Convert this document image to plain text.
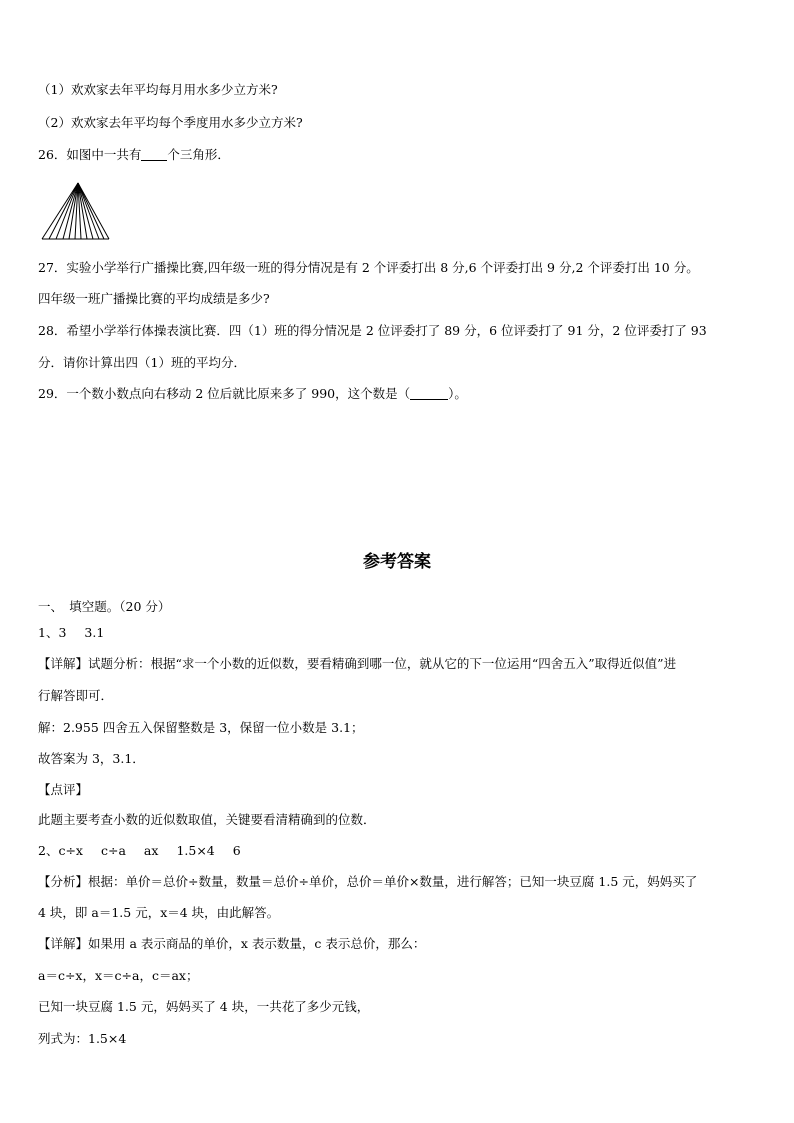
（1）欢欢家去年平均每月用水多少立方米?
（2）欢欢家去年平均每个季度用水多少立方米?
26．如图中一共有 个三角形．
27．实验小学举行广播操比赛,四年级一班的得分情况是有 2 个评委打出 8 分,6 个评委打出 9 分,2 个评委打出 10 分。
四年级一班广播操比赛的平均成绩是多少?
28．希望小学举行体操表演比赛．四（1）班的得分情况是 2 位评委打了 89 分，6 位评委打了 91 分，2 位评委打了 93
分．请你计算出四（1）班的平均分．
29．一个数小数点向右移动 2 位后就比原来多了 990，这个数是（	）。
参考答案
一、　填空题。（20 分）
1、3 3.1
【详解】试题分析：根据“求一个小数的近似数，要看精确到哪一位，就从它的下一位运用“四舍五入”取得近似值”进
行解答即可．
解：2.955 四舍五入保留整数是 3，保留一位小数是 3.1；
故答案为 3，3.1．
【点评】
此题主要考查小数的近似数取值，关键要看清精确到的位数．
2、c÷x c÷a ax 1.5×4 6
【分析】根据：单价＝总价÷数量，数量＝总价÷单价，总价＝单价×数量，进行解答；已知一块豆腐 1.5 元，妈妈买了
4 块，即 a＝1.5 元，x＝4 块，由此解答。
【详解】如果用 a 表示商品的单价，x 表示数量，c 表示总价，那么：
a＝c÷x，x＝c÷a，c＝ax；
已知一块豆腐 1.5 元，妈妈买了 4 块，一共花了多少元钱，
列式为：1.5×4
